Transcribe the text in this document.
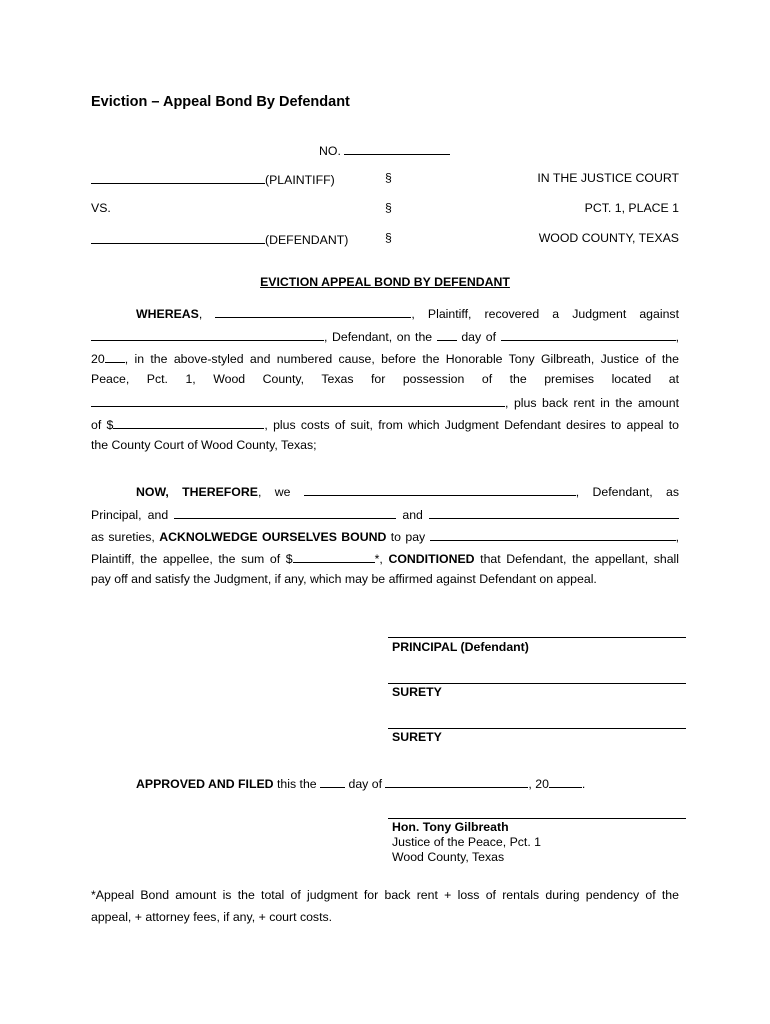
Eviction – Appeal Bond By Defendant
NO.
(PLAINTIFF)	§	IN THE JUSTICE COURT
VS.	§	PCT. 1, PLACE 1
(DEFENDANT)	§	WOOD COUNTY, TEXAS
EVICTION APPEAL BOND BY DEFENDANT
WHEREAS,	, Plaintiff, recovered a Judgment against
, Defendant, on the day of	,
20 , in the above-styled and numbered cause, before the Honorable Tony Gilbreath, Justice of the
Peace, Pct. 1, Wood County, Texas for possession of the premises located at
, plus back rent in the amount
of $	, plus costs of suit, from which Judgment Defendant desires to appeal to
the County Court of Wood County, Texas;
NOW, THEREFORE, we	, Defendant, as
Principal, and	and
as sureties, ACKNOLWEDGE OURSELVES BOUND to pay	,
Plaintiff, the appellee, the sum of $	*, CONDITIONED that Defendant, the appellant, shall
pay off and satisfy the Judgment, if any, which may be affirmed against Defendant on appeal.
PRINCIPAL (Defendant)
SURETY
SURETY
APPROVED AND FILED this the	day of	, 20	.
Hon. Tony Gilbreath
Justice of the Peace, Pct. 1
Wood County, Texas
*Appeal Bond amount is the total of judgment for back rent + loss of rentals during pendency of the
appeal, + attorney fees, if any, + court costs.
